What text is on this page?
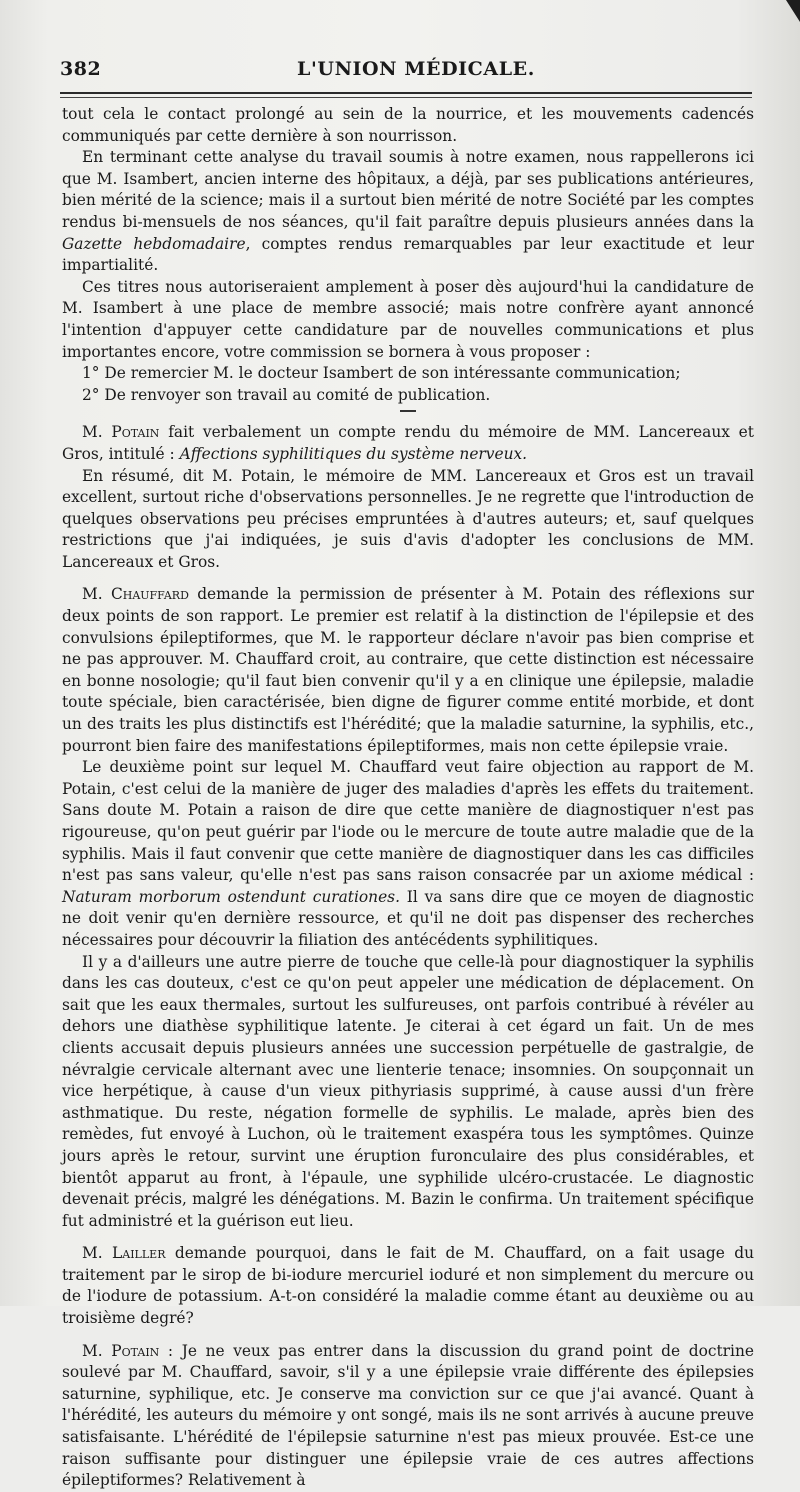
382	L'UNION MÉDICALE.

tout cela le contact prolongé au sein de la nourrice, et les mouvements cadencés communiqués par cette dernière à son nourrisson.

En terminant cette analyse du travail soumis à notre examen, nous rappellerons ici que M. Isambert, ancien interne des hôpitaux, a déjà, par ses publications antérieures, bien mérité de la science; mais il a surtout bien mérité de notre Société par les comptes rendus bi-mensuels de nos séances, qu'il fait paraître depuis plusieurs années dans la Gazette hebdomadaire, comptes rendus remarquables par leur exactitude et leur impartialité.

Ces titres nous autoriseraient amplement à poser dès aujourd'hui la candidature de M. Isambert à une place de membre associé; mais notre confrère ayant annoncé l'intention d'appuyer cette candidature par de nouvelles communications et plus importantes encore, votre commission se bornera à vous proposer :

1° De remercier M. le docteur Isambert de son intéressante communication;

2° De renvoyer son travail au comité de publication.

M. Potain fait verbalement un compte rendu du mémoire de MM. Lancereaux et Gros, intitulé : Affections syphilitiques du système nerveux.

En résumé, dit M. Potain, le mémoire de MM. Lancereaux et Gros est un travail excellent, surtout riche d'observations personnelles. Je ne regrette que l'introduction de quelques observations peu précises empruntées à d'autres auteurs; et, sauf quelques restrictions que j'ai indiquées, je suis d'avis d'adopter les conclusions de MM. Lancereaux et Gros.

M. Chauffard demande la permission de présenter à M. Potain des réflexions sur deux points de son rapport. Le premier est relatif à la distinction de l'épilepsie et des convulsions épileptiformes, que M. le rapporteur déclare n'avoir pas bien comprise et ne pas approuver. M. Chauffard croit, au contraire, que cette distinction est nécessaire en bonne nosologie; qu'il faut bien convenir qu'il y a en clinique une épilepsie, maladie toute spéciale, bien caractérisée, bien digne de figurer comme entité morbide, et dont un des traits les plus distinctifs est l'hérédité; que la maladie saturnine, la syphilis, etc., pourront bien faire des manifestations épileptiformes, mais non cette épilepsie vraie.

Le deuxième point sur lequel M. Chauffard veut faire objection au rapport de M. Potain, c'est celui de la manière de juger des maladies d'après les effets du traitement. Sans doute M. Potain a raison de dire que cette manière de diagnostiquer n'est pas rigoureuse, qu'on peut guérir par l'iode ou le mercure de toute autre maladie que de la syphilis. Mais il faut convenir que cette manière de diagnostiquer dans les cas difficiles n'est pas sans valeur, qu'elle n'est pas sans raison consacrée par un axiome médical : Naturam morborum ostendunt curationes. Il va sans dire que ce moyen de diagnostic ne doit venir qu'en dernière ressource, et qu'il ne doit pas dispenser des recherches nécessaires pour découvrir la filiation des antécédents syphilitiques.

Il y a d'ailleurs une autre pierre de touche que celle-là pour diagnostiquer la syphilis dans les cas douteux, c'est ce qu'on peut appeler une médication de déplacement. On sait que les eaux thermales, surtout les sulfureuses, ont parfois contribué à révéler au dehors une diathèse syphilitique latente. Je citerai à cet égard un fait. Un de mes clients accusait depuis plusieurs années une succession perpétuelle de gastralgie, de névralgie cervicale alternant avec une lienterie tenace; insomnies. On soupçonnait un vice herpétique, à cause d'un vieux pithyriasis supprimé, à cause aussi d'un frère asthmatique. Du reste, négation formelle de syphilis. Le malade, après bien des remèdes, fut envoyé à Luchon, où le traitement exaspéra tous les symptômes. Quinze jours après le retour, survint une éruption furonculaire des plus considérables, et bientôt apparut au front, à l'épaule, une syphilide ulcéro-crustacée. Le diagnostic devenait précis, malgré les dénégations. M. Bazin le confirma. Un traitement spécifique fut administré et la guérison eut lieu.

M. Lailler demande pourquoi, dans le fait de M. Chauffard, on a fait usage du traitement par le sirop de bi-iodure mercuriel ioduré et non simplement du mercure ou de l'iodure de potassium. A-t-on considéré la maladie comme étant au deuxième ou au troisième degré?

M. Potain : Je ne veux pas entrer dans la discussion du grand point de doctrine soulevé par M. Chauffard, savoir, s'il y a une épilepsie vraie différente des épilepsies saturnine, syphilique, etc. Je conserve ma conviction sur ce que j'ai avancé. Quant à l'hérédité, les auteurs du mémoire y ont songé, mais ils ne sont arrivés à aucune preuve satisfaisante. L'hérédité de l'épilepsie saturnine n'est pas mieux prouvée. Est-ce une raison suffisante pour distinguer une épilepsie vraie de ces autres affections épileptiformes? Relativement à
